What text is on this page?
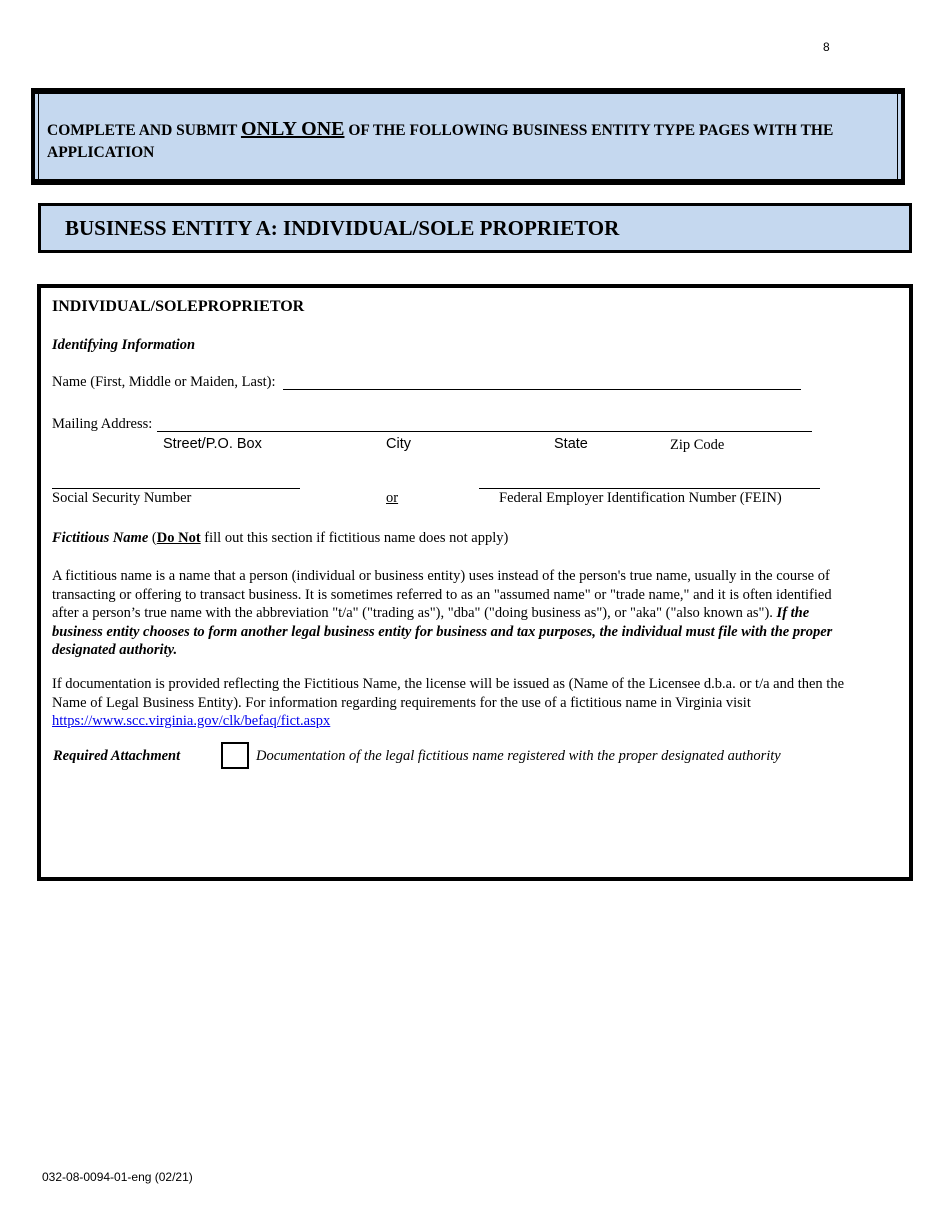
8
COMPLETE AND SUBMIT ONLY ONE OF THE FOLLOWING BUSINESS ENTITY TYPE PAGES WITH THE APPLICATION
BUSINESS ENTITY A: INDIVIDUAL/SOLE PROPRIETOR
INDIVIDUAL/SOLEPROPRIETOR
Identifying Information
Name (First, Middle or Maiden, Last):
Mailing Address:
Street/P.O. Box	City	State	Zip Code
Social Security Number	or	Federal Employer Identification Number (FEIN)
Fictitious Name (Do Not fill out this section if fictitious name does not apply)
A fictitious name is a name that a person (individual or business entity) uses instead of the person's true name, usually in the course of transacting or offering to transact business. It is sometimes referred to as an "assumed name" or "trade name," and it is often identified after a person’s true name with the abbreviation "t/a" ("trading as"), "dba" ("doing business as"), or "aka" ("also known as"). If the business entity chooses to form another legal business entity for business and tax purposes, the individual must file with the proper designated authority.
If documentation is provided reflecting the Fictitious Name, the license will be issued as (Name of the Licensee d.b.a. or t/a and then the Name of Legal Business Entity). For information regarding requirements for the use of a fictitious name in Virginia visit
https://www.scc.virginia.gov/clk/befaq/fict.aspx
Required Attachment	Documentation of the legal fictitious name registered with the proper designated authority
032-08-0094-01-eng (02/21)
